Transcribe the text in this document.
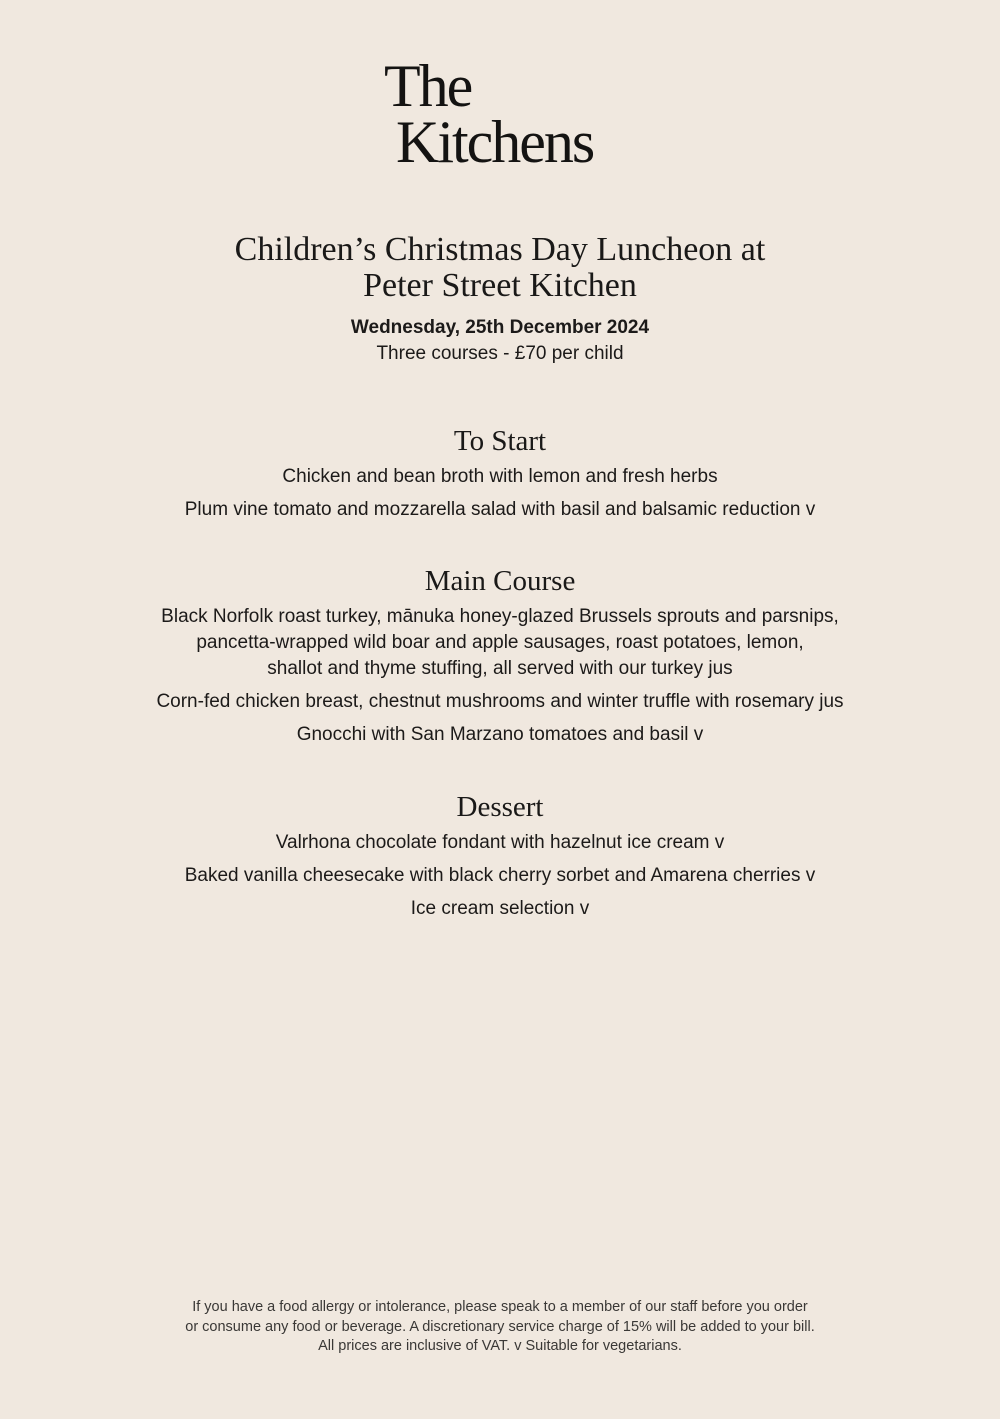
The
Kitchens
Children’s Christmas Day Luncheon at
Peter Street Kitchen
Wednesday, 25th December 2024
Three courses - £70 per child
To Start
Chicken and bean broth with lemon and fresh herbs
Plum vine tomato and mozzarella salad with basil and balsamic reduction v
Main Course
Black Norfolk roast turkey, mānuka honey-glazed Brussels sprouts and parsnips,
pancetta-wrapped wild boar and apple sausages, roast potatoes, lemon,
shallot and thyme stuffing, all served with our turkey jus
Corn-fed chicken breast, chestnut mushrooms and winter truffle with rosemary jus
Gnocchi with San Marzano tomatoes and basil v
Dessert
Valrhona chocolate fondant with hazelnut ice cream v
Baked vanilla cheesecake with black cherry sorbet and Amarena cherries v
Ice cream selection v
If you have a food allergy or intolerance, please speak to a member of our staff before you order
or consume any food or beverage. A discretionary service charge of 15% will be added to your bill.
All prices are inclusive of VAT. v Suitable for vegetarians.
